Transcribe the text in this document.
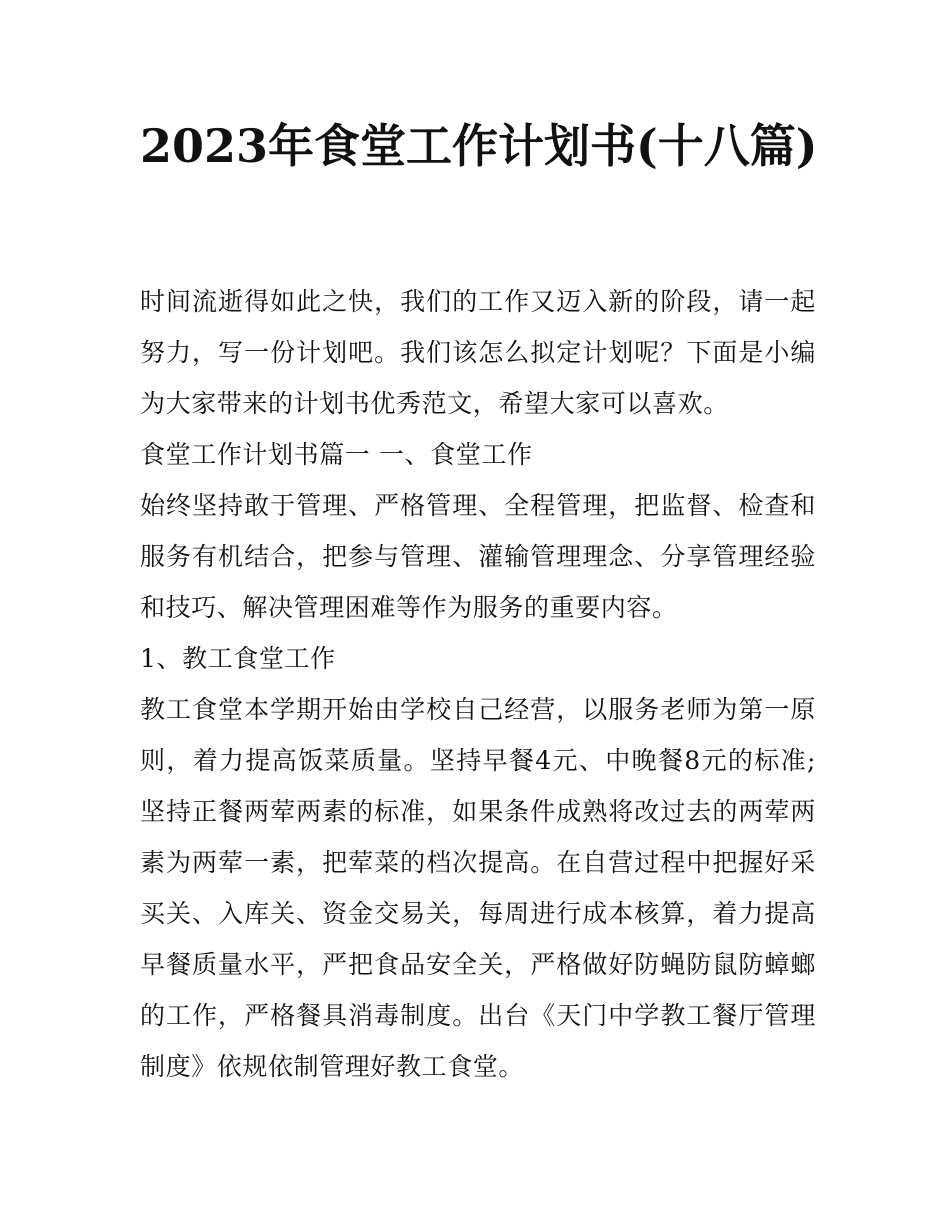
2023年食堂工作计划书(十八篇)

时间流逝得如此之快，我们的工作又迈入新的阶段，请一起努力，写一份计划吧。我们该怎么拟定计划呢？下面是小编为大家带来的计划书优秀范文，希望大家可以喜欢。

食堂工作计划书篇一 一、食堂工作

始终坚持敢于管理、严格管理、全程管理，把监督、检查和服务有机结合，把参与管理、灌输管理理念、分享管理经验和技巧、解决管理困难等作为服务的重要内容。

1、教工食堂工作

教工食堂本学期开始由学校自己经营，以服务老师为第一原则，着力提高饭菜质量。坚持早餐4元、中晚餐8元的标准;坚持正餐两荤两素的标准，如果条件成熟将改过去的两荤两素为两荤一素，把荤菜的档次提高。在自营过程中把握好采买关、入库关、资金交易关，每周进行成本核算，着力提高早餐质量水平，严把食品安全关，严格做好防蝇防鼠防蟑螂的工作，严格餐具消毒制度。出台《天门中学教工餐厅管理制度》依规依制管理好教工食堂。
